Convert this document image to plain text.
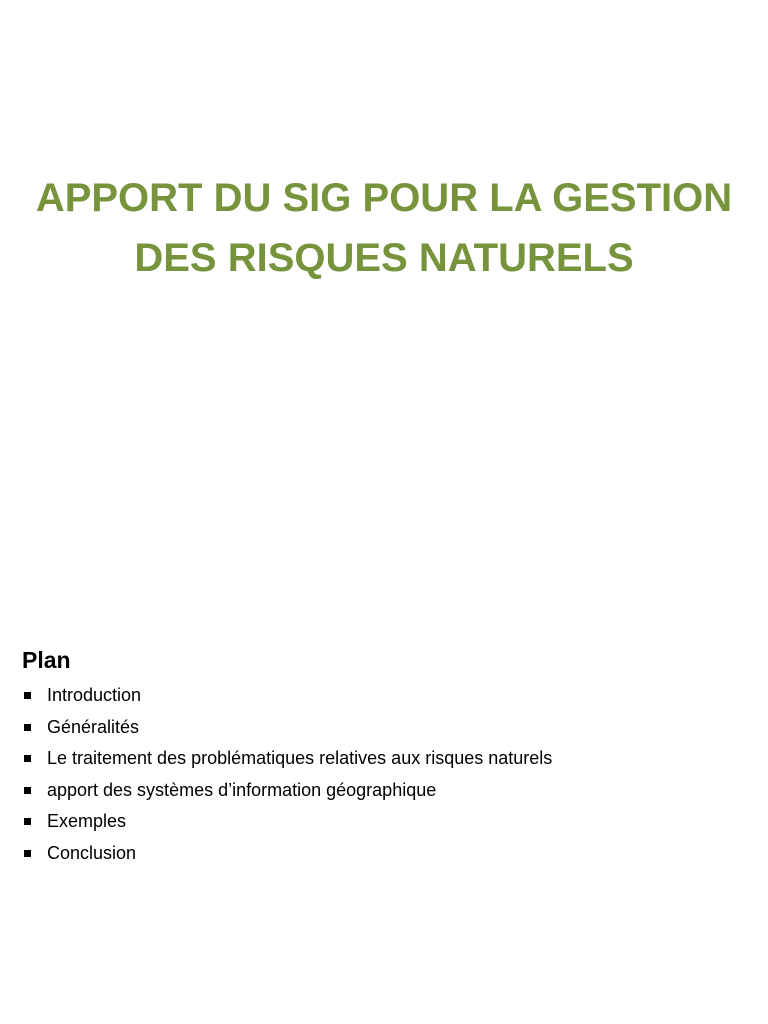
APPORT DU SIG POUR LA GESTION
DES RISQUES NATURELS
Plan
Introduction
Généralités
Le traitement des problématiques relatives aux risques naturels
apport des systèmes d’information géographique
Exemples
Conclusion
